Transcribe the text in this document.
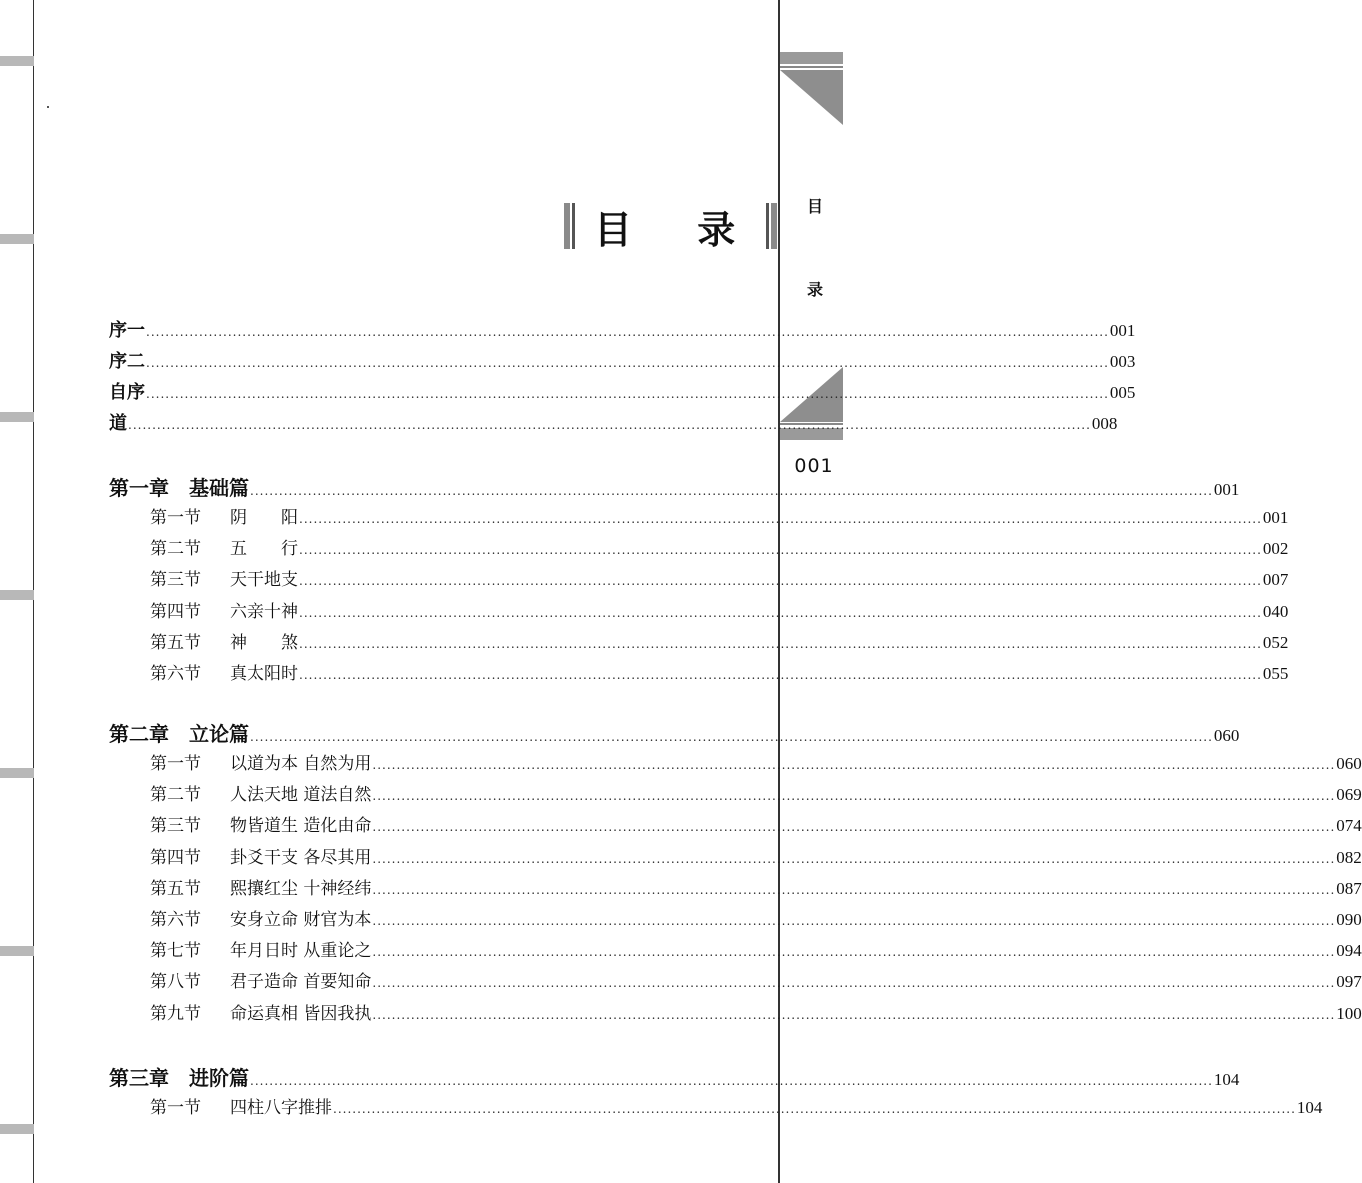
目
录
001
目 录
序一 ........................................................................................................................................................................................................ 001
序二 ........................................................................................................................................................................................................ 003
自序 ........................................................................................................................................................................................................ 005
道 ........................................................................................................................................................................................................ 008
第一章　基础篇 ........................................................................................................................................................................................................ 001
第一节 阴　　阳 ........................................................................................................................................................................................................ 001
第二节 五　　行 ........................................................................................................................................................................................................ 002
第三节 天干地支 ........................................................................................................................................................................................................ 007
第四节 六亲十神 ........................................................................................................................................................................................................ 040
第五节 神　　煞 ........................................................................................................................................................................................................ 052
第六节 真太阳时 ........................................................................................................................................................................................................ 055
第二章　立论篇 ........................................................................................................................................................................................................ 060
第一节 以道为本 自然为用 ........................................................................................................................................................................................................ 060
第二节 人法天地 道法自然 ........................................................................................................................................................................................................ 069
第三节 物皆道生 造化由命 ........................................................................................................................................................................................................ 074
第四节 卦爻干支 各尽其用 ........................................................................................................................................................................................................ 082
第五节 熙攘红尘 十神经纬 ........................................................................................................................................................................................................ 087
第六节 安身立命 财官为本 ........................................................................................................................................................................................................ 090
第七节 年月日时 从重论之 ........................................................................................................................................................................................................ 094
第八节 君子造命 首要知命 ........................................................................................................................................................................................................ 097
第九节 命运真相 皆因我执 ........................................................................................................................................................................................................ 100
第三章　进阶篇 ........................................................................................................................................................................................................ 104
第一节 四柱八字推排 ........................................................................................................................................................................................................ 104
